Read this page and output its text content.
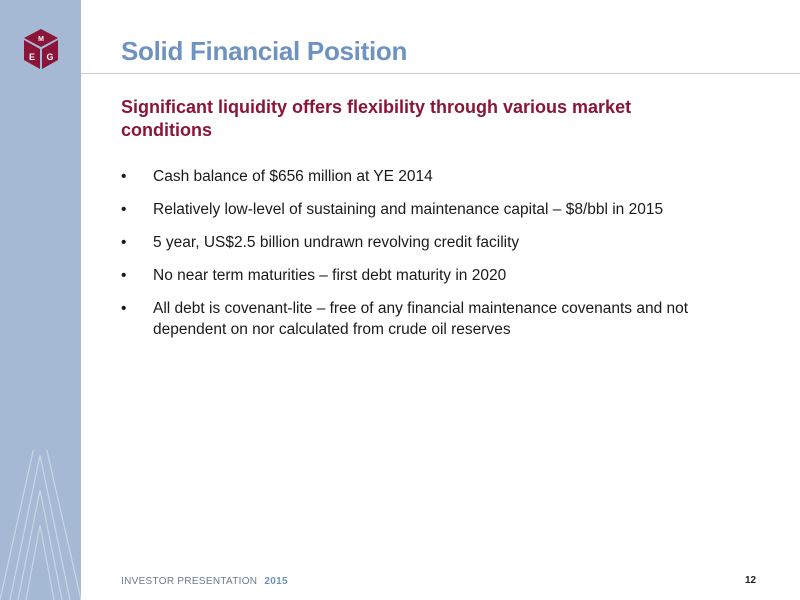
M
E G	Solid Financial Position
Significant liquidity offers flexibility through various market conditions
• Cash balance of $656 million at YE 2014
• Relatively low-level of sustaining and maintenance capital – $8/bbl in 2015
• 5 year, US$2.5 billion undrawn revolving credit facility
• No near term maturities – first debt maturity in 2020
• All debt is covenant-lite – free of any financial maintenance covenants and not dependent on nor calculated from crude oil reserves
INVESTOR PRESENTATION 2015	12
